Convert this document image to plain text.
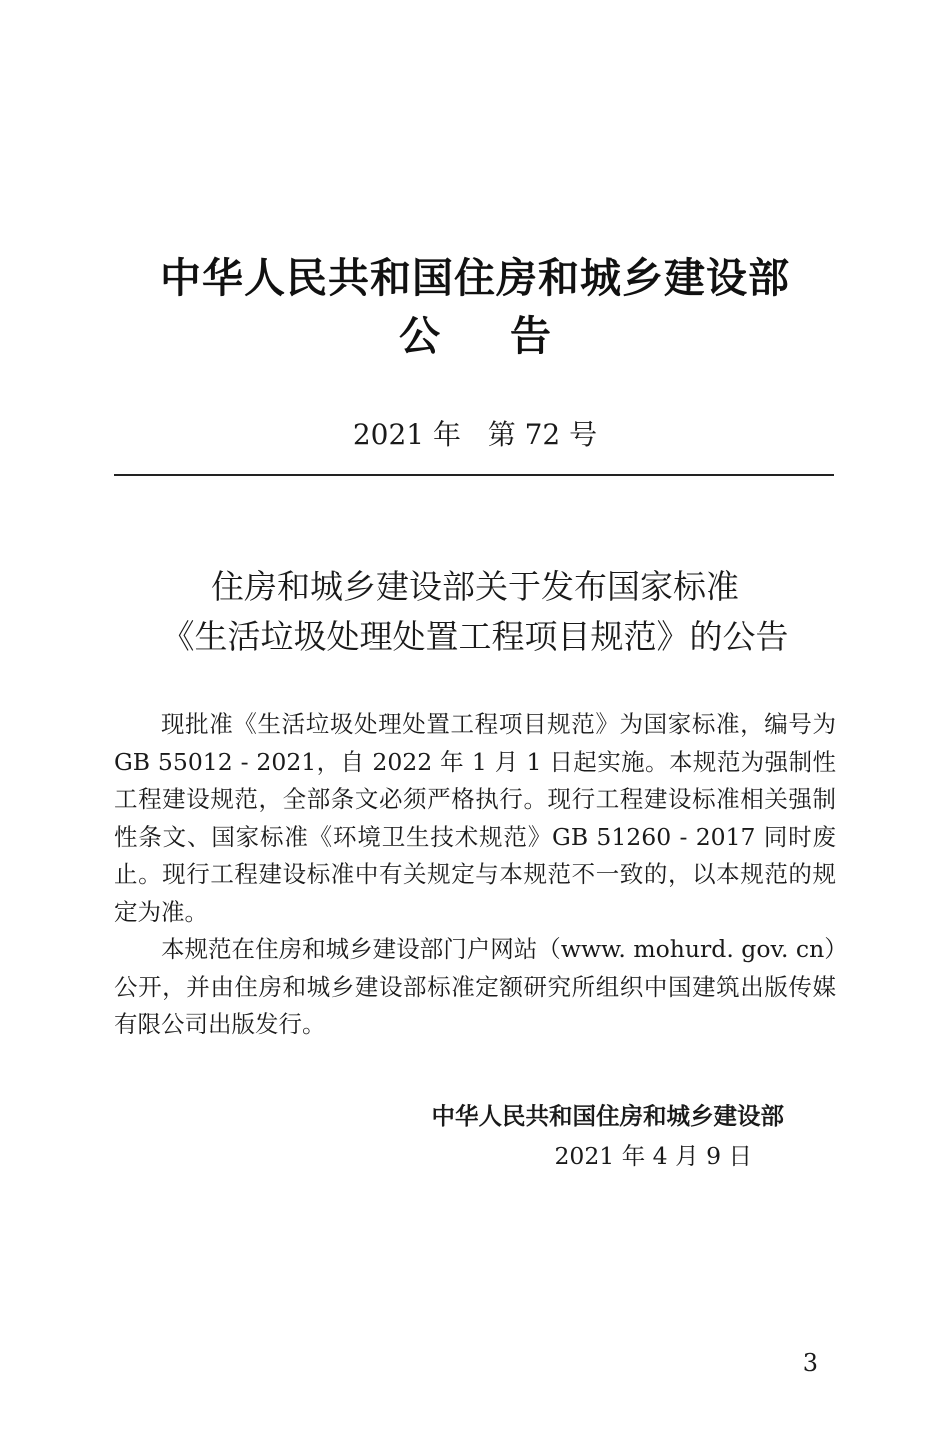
中华人民共和国住房和城乡建设部
公告
2021 年   第 72 号
住房和城乡建设部关于发布国家标准
《生活垃圾处理处置工程项目规范》的公告

现批准《生活垃圾处理处置工程项目规范》为国家标准，编号为 GB 55012 - 2021，自 2022 年 1 月 1 日起实施。本规范为强制性工程建设规范，全部条文必须严格执行。现行工程建设标准相关强制性条文、国家标准《环境卫生技术规范》GB 51260 - 2017 同时废止。现行工程建设标准中有关规定与本规范不一致的，以本规范的规定为准。

本规范在住房和城乡建设部门户网站（www. mohurd. gov. cn）公开，并由住房和城乡建设部标准定额研究所组织中国建筑出版传媒有限公司出版发行。

中华人民共和国住房和城乡建设部
2021 年 4 月 9 日
3
